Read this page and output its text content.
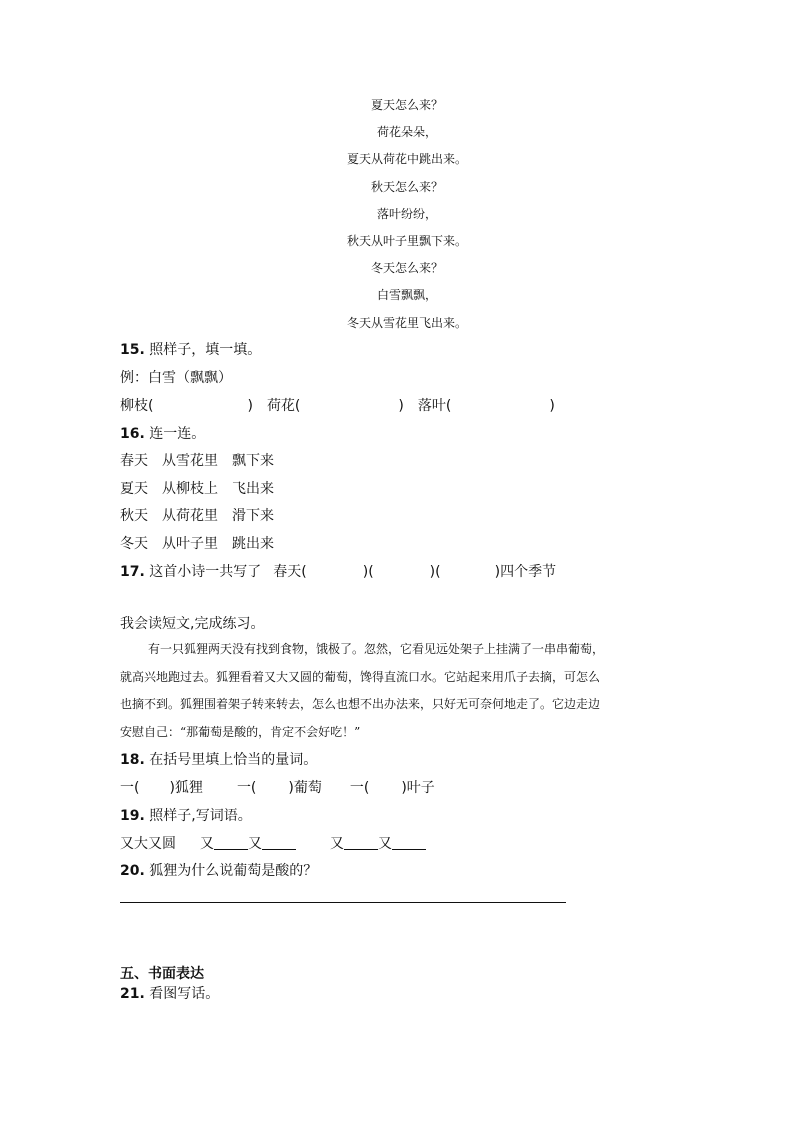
夏天怎么来？
荷花朵朵，
夏天从荷花中跳出来。
秋天怎么来？
落叶纷纷，
秋天从叶子里飘下来。
冬天怎么来？
白雪飘飘，
冬天从雪花里飞出来。
15. 照样子，填一填。
例：白雪（飘飘）
柳枝(	) 荷花(	) 落叶(	)
16. 连一连。
春天 从雪花里 飘下来
夏天 从柳枝上 飞出来
秋天 从荷花里 滑下来
冬天 从叶子里 跳出来
17. 这首小诗一共写了 春天(	)(	)(	)四个季节
我会读短文,完成练习。
有一只狐狸两天没有找到食物，饿极了。忽然，它看见远处架子上挂满了一串串葡萄，
就高兴地跑过去。狐狸看着又大又圆的葡萄，馋得直流口水。它站起来用爪子去摘，可怎么
也摘不到。狐狸围着架子转来转去，怎么也想不出办法来，只好无可奈何地走了。它边走边
安慰自己：“那葡萄是酸的，肯定不会好吃！”
18. 在括号里填上恰当的量词。
一( )狐狸 一( )葡萄 一( )叶子
19. 照样子,写词语。
又大又圆 又 又	又 又
20. 狐狸为什么说葡萄是酸的？
五、书面表达
21. 看图写话。
